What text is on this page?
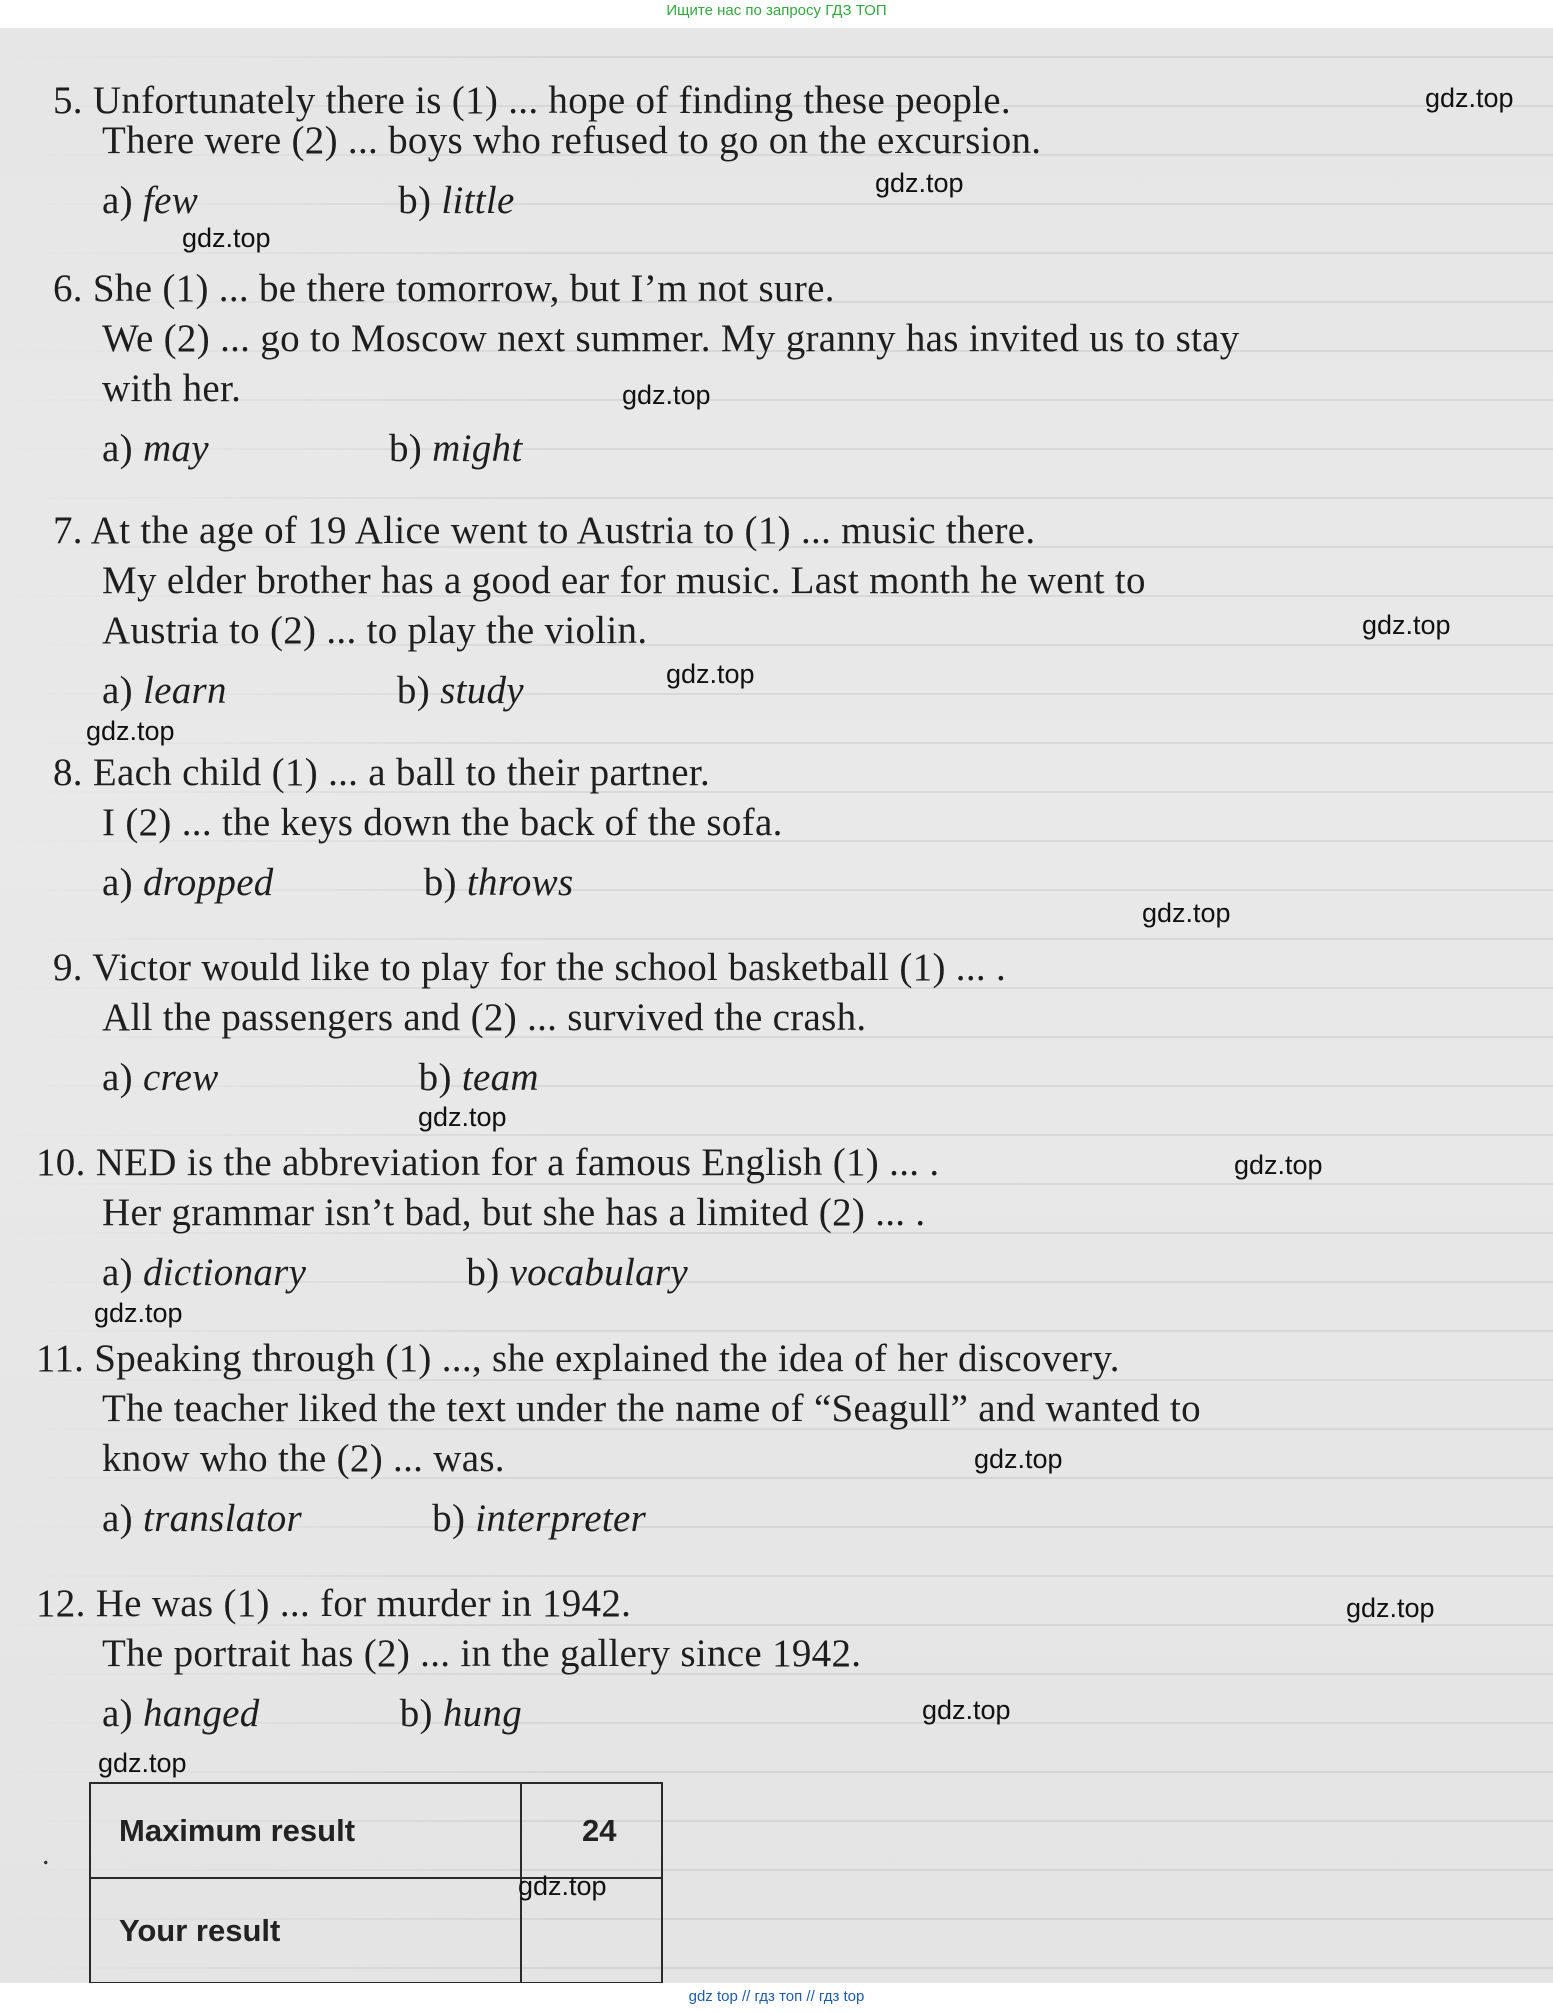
Ищите нас по запросу ГДЗ ТОП
5. Unfortunately there is (1) ... hope of finding these people.
There were (2) ... boys who refused to go on the excursion.
a) few	b) little
6. She (1) ... be there tomorrow, but I’m not sure.
We (2) ... go to Moscow next summer. My granny has invited us to stay
with her.
a) may	b) might
7. At the age of 19 Alice went to Austria to (1) ... music there.
My elder brother has a good ear for music. Last month he went to
Austria to (2) ... to play the violin.
a) learn	b) study
8. Each child (1) ... a ball to their partner.
I (2) ... the keys down the back of the sofa.
a) dropped	b) throws
9. Victor would like to play for the school basketball (1) ... .
All the passengers and (2) ... survived the crash.
a) crew	b) team
10. NED is the abbreviation for a famous English (1) ... .
Her grammar isn’t bad, but she has a limited (2) ... .
a) dictionary	b) vocabulary
11. Speaking through (1) ..., she explained the idea of her discovery.
The teacher liked the text under the name of “Seagull” and wanted to
know who the (2) ... was.
a) translator	b) interpreter
12. He was (1) ... for murder in 1942.
The portrait has (2) ... in the gallery since 1942.
a) hanged	b) hung
.
Maximum result	24
Your result	
gdz.top
gdz.top
gdz.top
gdz.top
gdz.top
gdz.top
gdz.top
gdz.top
gdz.top
gdz.top
gdz.top
gdz.top
gdz.top
gdz.top
gdz.top
gdz.top
gdz top // гдз топ // гдз top
